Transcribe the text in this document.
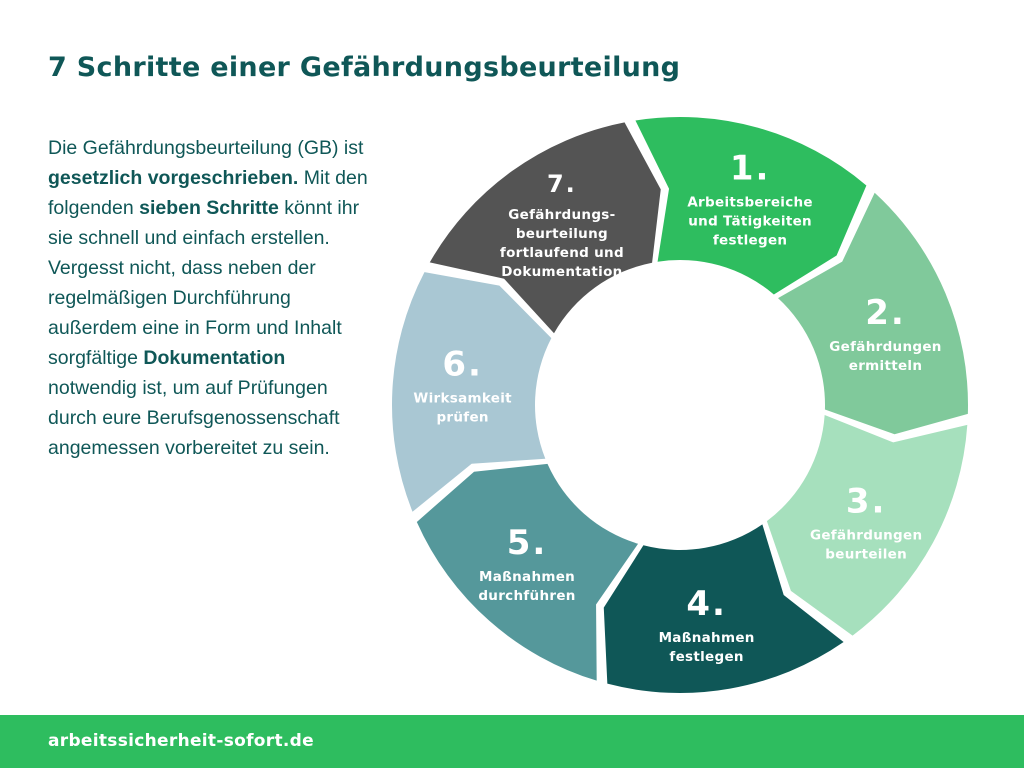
7 Schritte einer Gefährdungsbeurteilung
Die Gefährdungsbeurteilung (GB) ist gesetzlich vorgeschrieben. Mit den folgenden sieben Schritte könnt ihr sie schnell und einfach erstellen. Vergesst nicht, dass neben der regelmäßigen Durchführung außerdem eine in Form und Inhalt sorgfältige Dokumentation notwendig ist, um auf Prüfungen durch eure Berufsgenossenschaft angemessen vorbereitet zu sein.
1.
Arbeitsbereiche
und Tätigkeiten
festlegen
2.
Gefährdungen
ermitteln
3.
Gefährdungen
beurteilen
4.
Maßnahmen
festlegen
5.
Maßnahmen
durchführen
6.
Wirksamkeit
prüfen
7.
Gefährdungs-
beurteilung
fortlaufend und
Dokumentation
arbeitssicherheit-sofort.de
